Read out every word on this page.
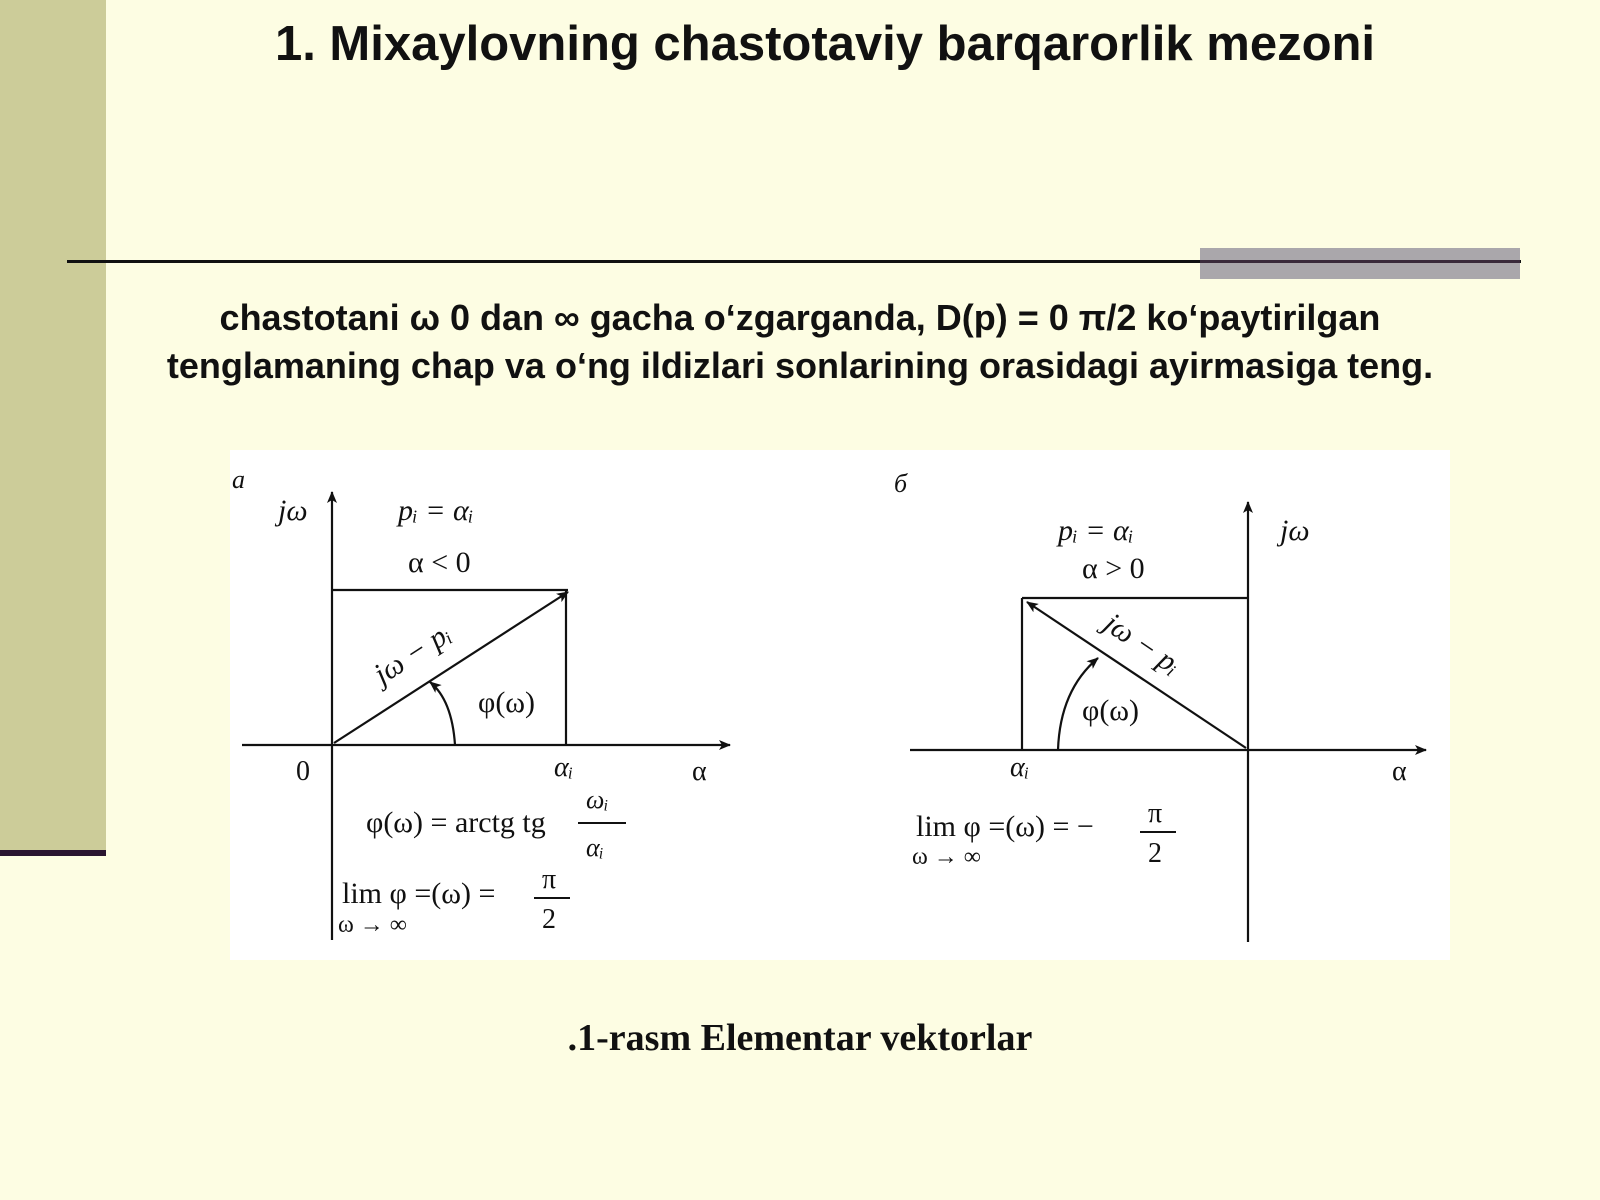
1. Mixaylovning chastotaviy barqarorlik mezoni
chastotani ω 0 dan ∞ gacha o‘zgarganda, D(p) = 0 π/2 ko‘paytirilgan
tenglamaning chap va o‘ng ildizlari sonlarining orasidagi ayirmasiga teng.
a
jω	pᵢ = αᵢ
α < 0
jω − pᵢ
φ(ω)
0	αᵢ	α
φ(ω) = arctg tg
ωᵢ
αᵢ
lim φ =(ω) =
ω → ∞
π
2
б
jω
pᵢ = αᵢ
α > 0
jω − pᵢ
φ(ω)
αᵢ	α
lim φ =(ω) = −
ω → ∞
π
2
.1-rasm Elementar vektorlar
